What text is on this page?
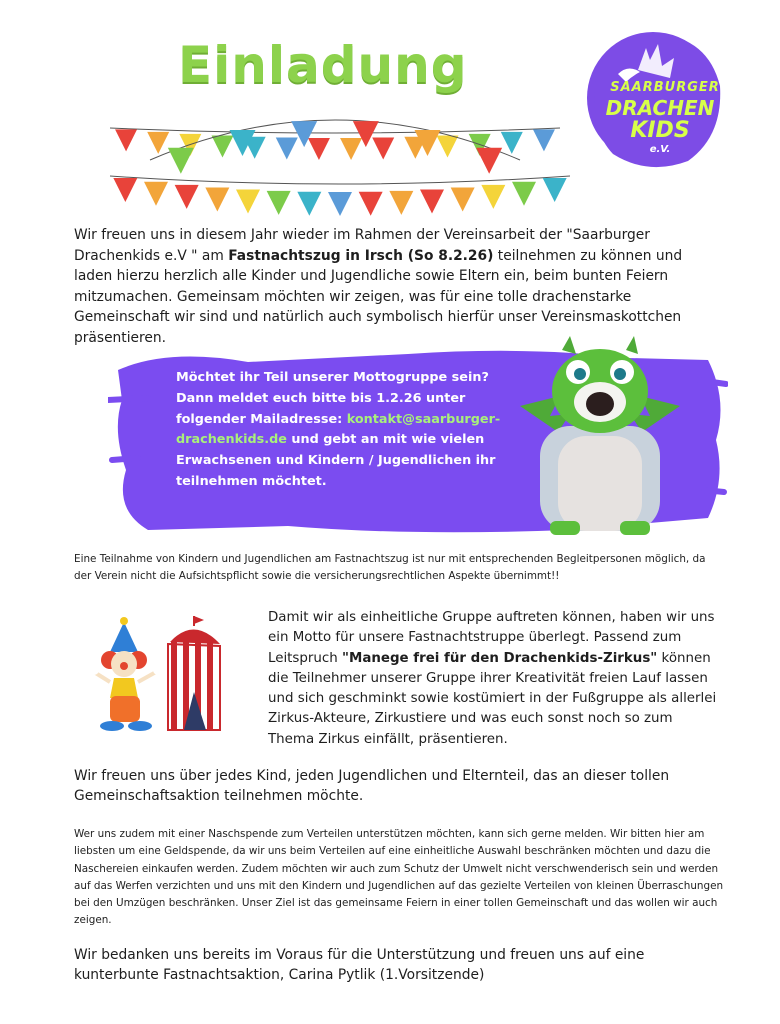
Einladung	SAARBURGER
DRACHEN
KIDS
e.V.

Wir freuen uns in diesem Jahr wieder im Rahmen der Vereinsarbeit der "Saarburger Drachenkids e.V " am Fastnachtszug in Irsch (So 8.2.26) teilnehmen zu können und laden hierzu herzlich alle Kinder und Jugendliche sowie Eltern ein, beim bunten Feiern mitzumachen. Gemeinsam möchten wir zeigen, was für eine tolle drachenstarke Gemeinschaft wir sind und natürlich auch symbolisch hierfür unser Vereinsmaskottchen präsentieren.

Möchtet ihr Teil unserer Mottogruppe sein? Dann meldet euch bitte bis 1.2.26 unter folgender Mailadresse: kontakt@saarburger-drachenkids.de und gebt an mit wie vielen Erwachsenen und Kindern / Jugendlichen ihr teilnehmen möchtet.

Eine Teilnahme von Kindern und Jugendlichen am Fastnachtszug ist nur mit entsprechenden Begleitpersonen möglich, da der Verein nicht die Aufsichtspflicht sowie die versicherungsrechtlichen Aspekte übernimmt!!

Damit wir als einheitliche Gruppe auftreten können, haben wir uns ein Motto für unsere Fastnachtstruppe überlegt. Passend zum Leitspruch "Manege frei für den Drachenkids-Zirkus" können die Teilnehmer unserer Gruppe ihrer Kreativität freien Lauf lassen und sich geschminkt sowie kostümiert in der Fußgruppe als allerlei Zirkus-Akteure, Zirkustiere und was euch sonst noch so zum Thema Zirkus einfällt, präsentieren.

Wir freuen uns über jedes Kind, jeden Jugendlichen und Elternteil, das an dieser tollen Gemeinschaftsaktion teilnehmen möchte.

Wer uns zudem mit einer Naschspende zum Verteilen unterstützen möchten, kann sich gerne melden. Wir bitten hier am liebsten um eine Geldspende, da wir uns beim Verteilen auf eine einheitliche Auswahl beschränken möchten und dazu die Naschereien einkaufen werden. Zudem möchten wir auch zum Schutz der Umwelt nicht verschwenderisch sein und werden auf das Werfen verzichten und uns mit den Kindern und Jugendlichen auf das gezielte Verteilen von kleinen Überraschungen bei den Umzügen beschränken. Unser Ziel ist das gemeinsame Feiern in einer tollen Gemeinschaft und das wollen wir auch zeigen.

Wir bedanken uns bereits im Voraus für die Unterstützung und freuen uns auf eine kunterbunte Fastnachtsaktion, Carina Pytlik (1.Vorsitzende)
